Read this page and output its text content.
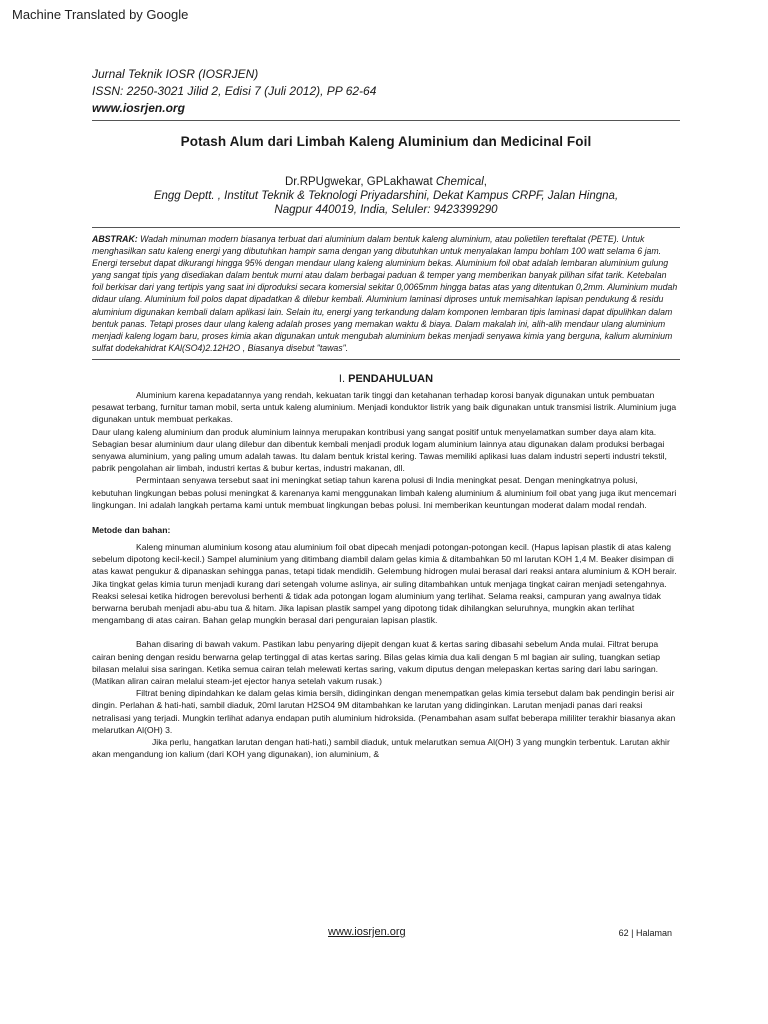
Machine Translated by Google
Jurnal Teknik IOSR (IOSRJEN)
ISSN: 2250-3021 Jilid 2, Edisi 7 (Juli 2012), PP 62-64
www.iosrjen.org
Potash Alum dari Limbah Kaleng Aluminium dan Medicinal Foil
Dr.RPUgwekar, GPLakhawat Chemical,
Engg Deptt. , Institut Teknik & Teknologi Priyadarshini, Dekat Kampus CRPF, Jalan Hingna,
Nagpur 440019, India, Seluler: 9423399290
ABSTRAK: Wadah minuman modern biasanya terbuat dari aluminium dalam bentuk kaleng aluminium, atau polietilen tereftalat (PETE). Untuk menghasilkan satu kaleng energi yang dibutuhkan hampir sama dengan yang dibutuhkan untuk menyalakan lampu bohlam 100 watt selama 6 jam. Energi tersebut dapat dikurangi hingga 95% dengan mendaur ulang kaleng aluminium bekas. Aluminium foil obat adalah lembaran aluminium gulung yang sangat tipis yang disediakan dalam bentuk murni atau dalam berbagai paduan & temper yang memberikan banyak pilihan sifat tarik. Ketebalan foil berkisar dari yang tertipis yang saat ini diproduksi secara komersial sekitar 0,0065mm hingga batas atas yang ditentukan 0,2mm. Aluminium mudah didaur ulang. Aluminium foil polos dapat dipadatkan & dilebur kembali. Aluminium laminasi diproses untuk memisahkan lapisan pendukung & residu aluminium digunakan kembali dalam aplikasi lain. Selain itu, energi yang terkandung dalam komponen lembaran tipis laminasi dapat dipulihkan dalam bentuk panas. Tetapi proses daur ulang kaleng adalah proses yang memakan waktu & biaya. Dalam makalah ini, alih-alih mendaur ulang aluminium menjadi kaleng logam baru, proses kimia akan digunakan untuk mengubah aluminium bekas menjadi senyawa kimia yang berguna, kalium aluminium sulfat dodekahidrat KAl(SO4)2.12H2O , Biasanya disebut "tawas".
I. PENDAHULUAN

Aluminium karena kepadatannya yang rendah, kekuatan tarik tinggi dan ketahanan terhadap korosi banyak digunakan untuk pembuatan pesawat terbang, furnitur taman mobil, serta untuk kaleng aluminium. Menjadi konduktor listrik yang baik digunakan untuk transmisi listrik. Aluminium juga digunakan untuk membuat perkakas.

Daur ulang kaleng aluminium dan produk aluminium lainnya merupakan kontribusi yang sangat positif untuk menyelamatkan sumber daya alam kita. Sebagian besar aluminium daur ulang dilebur dan dibentuk kembali menjadi produk logam aluminium lainnya atau digunakan dalam produksi berbagai senyawa aluminium, yang paling umum adalah tawas. Itu dalam bentuk kristal kering. Tawas memiliki aplikasi luas dalam industri seperti industri tekstil, pabrik pengolahan air limbah, industri kertas & bubur kertas, industri makanan, dll.

Permintaan senyawa tersebut saat ini meningkat setiap tahun karena polusi di India meningkat pesat. Dengan meningkatnya polusi, kebutuhan lingkungan bebas polusi meningkat & karenanya kami menggunakan limbah kaleng aluminium & aluminium foil obat yang juga ikut mencemari lingkungan. Ini adalah langkah pertama kami untuk membuat lingkungan bebas polusi. Ini memberikan keuntungan moderat dalam modal rendah.

Metode dan bahan:

Kaleng minuman aluminium kosong atau aluminium foil obat dipecah menjadi potongan-potongan kecil. (Hapus lapisan plastik di atas kaleng sebelum dipotong kecil-kecil.) Sampel aluminium yang ditimbang diambil dalam gelas kimia & ditambahkan 50 ml larutan KOH 1,4 M. Beaker disimpan di atas kawat pengukur & dipanaskan sehingga panas, tetapi tidak mendidih. Gelembung hidrogen mulai berasal dari reaksi antara aluminium & KOH berair. Jika tingkat gelas kimia turun menjadi kurang dari setengah volume aslinya, air suling ditambahkan untuk menjaga tingkat cairan menjadi setengahnya. Reaksi selesai ketika hidrogen berevolusi berhenti & tidak ada potongan logam aluminium yang terlihat. Selama reaksi, campuran yang awalnya tidak berwarna berubah menjadi abu-abu tua & hitam. Jika lapisan plastik sampel yang dipotong tidak dihilangkan seluruhnya, mungkin akan terlihat mengambang di atas cairan. Bahan gelap mungkin berasal dari penguraian lapisan plastik.

Bahan disaring di bawah vakum. Pastikan labu penyaring dijepit dengan kuat & kertas saring dibasahi sebelum Anda mulai. Filtrat berupa cairan bening dengan residu berwarna gelap tertinggal di atas kertas saring. Bilas gelas kimia dua kali dengan 5 ml bagian air suling, tuangkan setiap bilasan melalui sisa saringan. Ketika semua cairan telah melewati kertas saring, vakum diputus dengan melepaskan kertas saring dari labu saringan. (Matikan aliran cairan melalui steam-jet ejector hanya setelah vakum rusak.)

Filtrat bening dipindahkan ke dalam gelas kimia bersih, didinginkan dengan menempatkan gelas kimia tersebut dalam bak pendingin berisi air dingin. Perlahan & hati-hati, sambil diaduk, 20ml larutan H2SO4 9M ditambahkan ke larutan yang didinginkan. Larutan menjadi panas dari reaksi netralisasi yang terjadi. Mungkin terlihat adanya endapan putih aluminium hidroksida. (Penambahan asam sulfat beberapa mililiter terakhir biasanya akan melarutkan Al(OH) 3.

Jika perlu, hangatkan larutan dengan hati-hati,) sambil diaduk, untuk melarutkan semua Al(OH) 3 yang mungkin terbentuk. Larutan akhir akan mengandung ion kalium (dari KOH yang digunakan), ion aluminium, &

www.iosrjen.org	62 | Halaman
